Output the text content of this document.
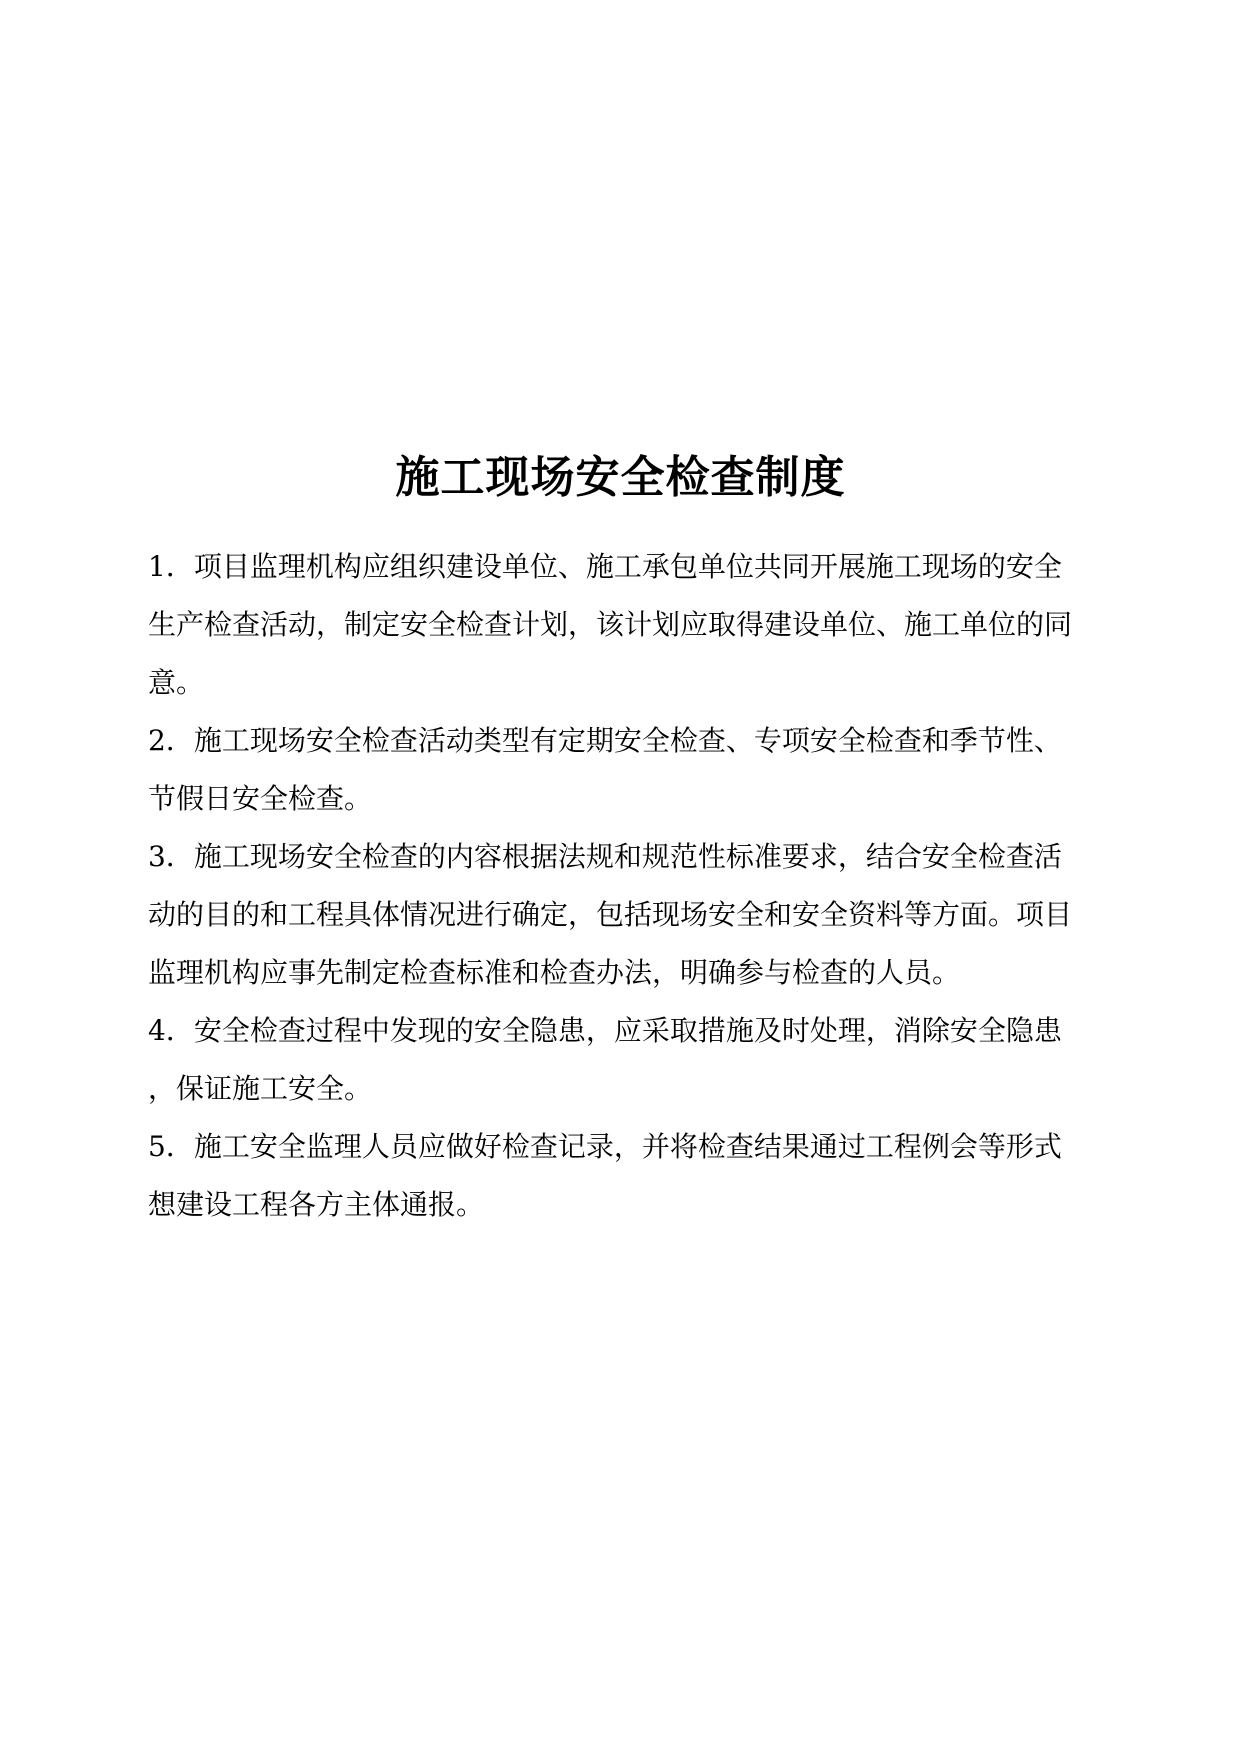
施工现场安全检查制度
1．项目监理机构应组织建设单位、施工承包单位共同开展施工现场的安全
生产检查活动，制定安全检查计划，该计划应取得建设单位、施工单位的同
意。
2．施工现场安全检查活动类型有定期安全检查、专项安全检查和季节性、
节假日安全检查。
3．施工现场安全检查的内容根据法规和规范性标准要求，结合安全检查活
动的目的和工程具体情况进行确定，包括现场安全和安全资料等方面。项目
监理机构应事先制定检查标准和检查办法，明确参与检查的人员。
4．安全检查过程中发现的安全隐患，应采取措施及时处理，消除安全隐患
，保证施工安全。
5．施工安全监理人员应做好检查记录，并将检查结果通过工程例会等形式
想建设工程各方主体通报。
